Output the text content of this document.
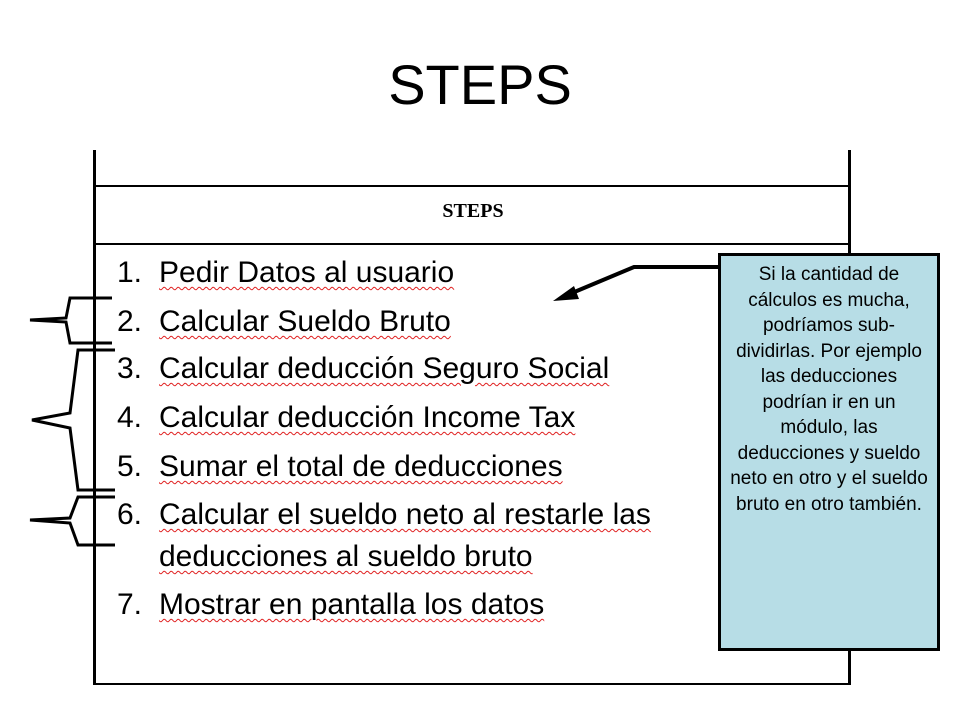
STEPS
STEPS
1. Pedir Datos al usuario
2. Calcular Sueldo Bruto
3. Calcular deducción Seguro Social
4. Calcular deducción Income Tax
5. Sumar el total de deducciones
6. Calcular el sueldo neto al restarle las
deducciones al sueldo bruto
7. Mostrar en pantalla los datos
Si la cantidad de cálculos es mucha, podríamos sub-dividirlas. Por ejemplo las deducciones podrían ir en un módulo, las deducciones y sueldo neto en otro y el sueldo bruto en otro también.
